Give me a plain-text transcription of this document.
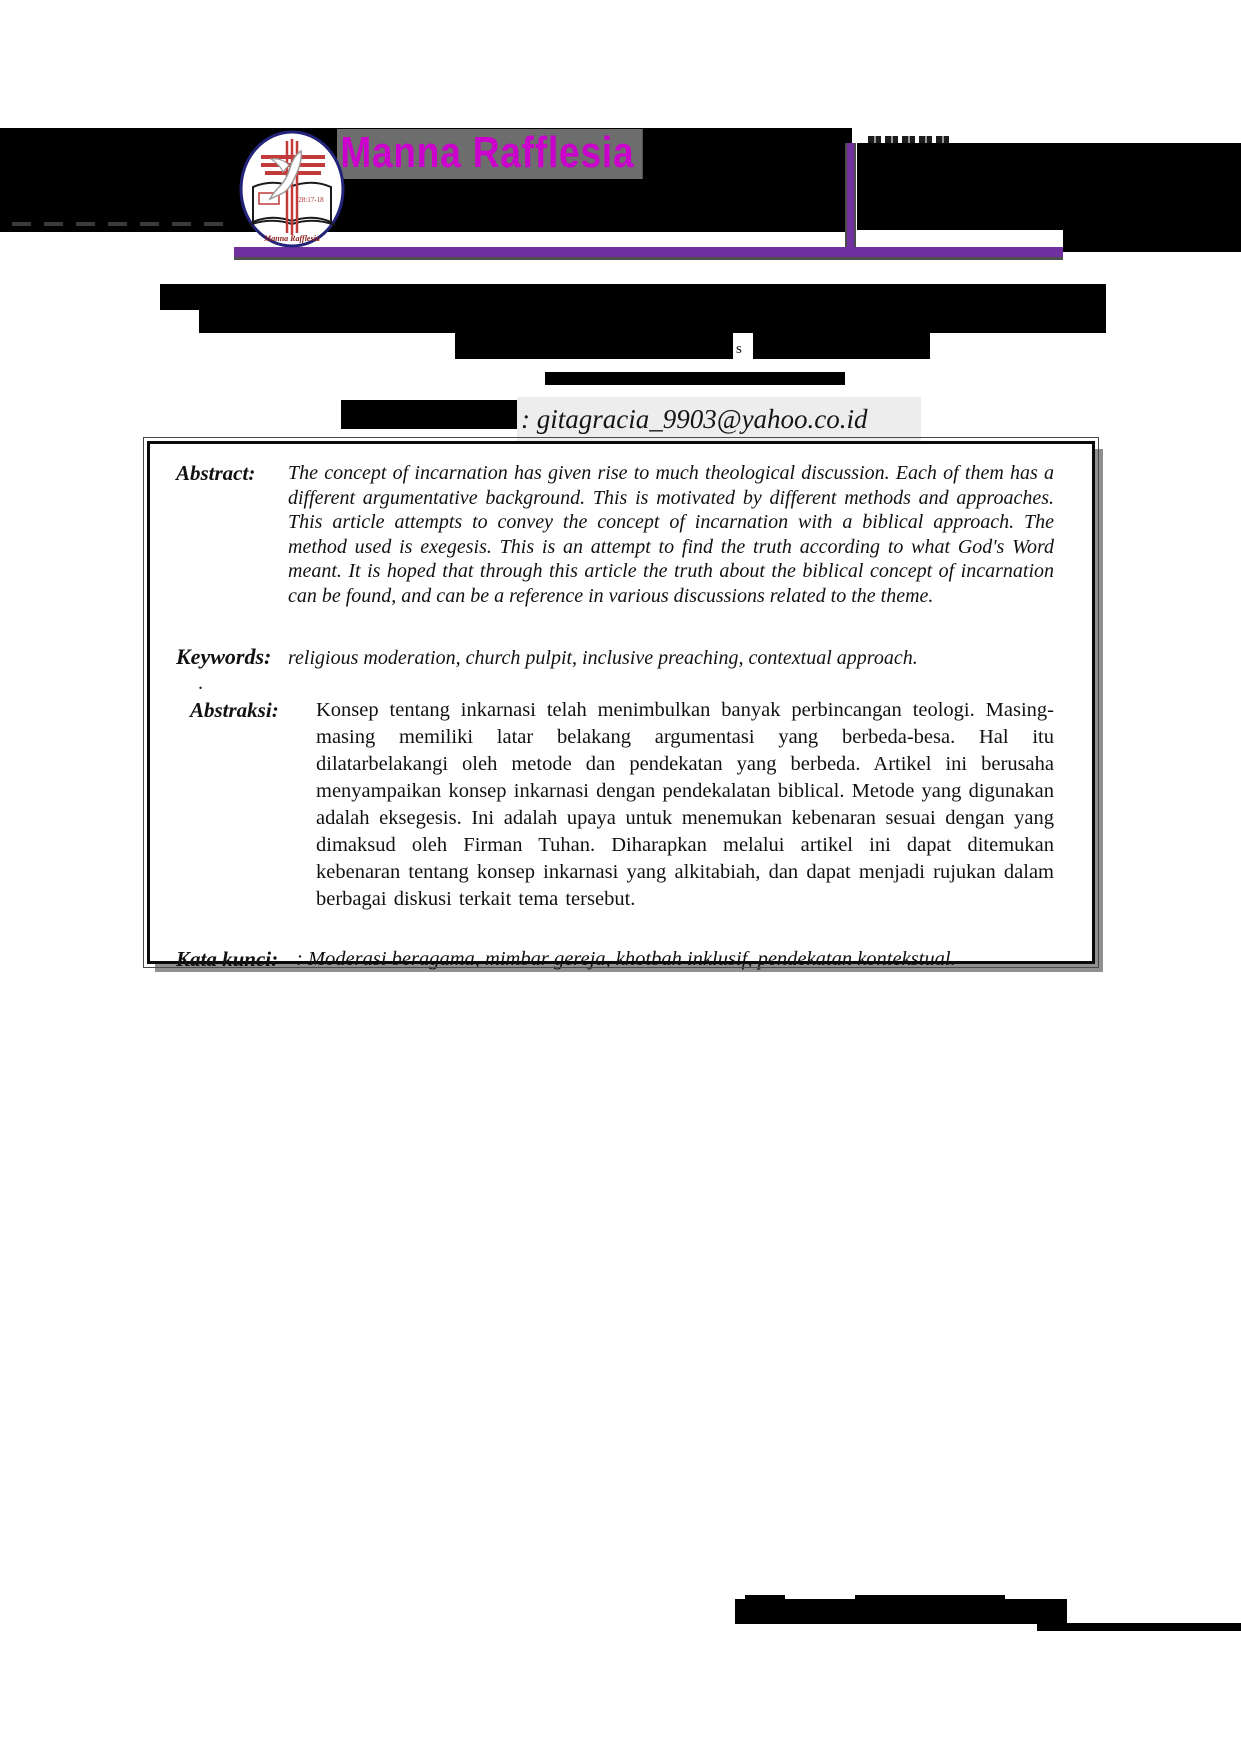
28:17-18
Manna Rafflesia
Manna Rafflesia
s
: gitagracia_9903@yahoo.co.id
Abstract:	The concept of incarnation has given rise to much theological discussion. Each of them has a different argumentative background. This is motivated by different methods and approaches. This article attempts to convey the concept of incarnation with a biblical approach. The method used is exegesis. This is an attempt to find the truth according to what God's Word meant. It is hoped that through this article the truth about the biblical concept of incarnation can be found, and can be a reference in various discussions related to the theme.
Keywords: religious moderation, church pulpit, inclusive preaching, contextual approach.
.
Abstraksi:	Konsep tentang inkarnasi telah menimbulkan banyak perbincangan teologi. Masing-masing memiliki latar belakang argumentasi yang berbeda-besa. Hal itu dilatarbelakangi oleh metode dan pendekatan yang berbeda. Artikel ini berusaha menyampaikan konsep inkarnasi dengan pendekalatan biblical. Metode yang digunakan adalah eksegesis. Ini adalah upaya untuk menemukan kebenaran sesuai dengan yang dimaksud oleh Firman Tuhan. Diharapkan melalui artikel ini dapat ditemukan kebenaran tentang konsep inkarnasi yang alkitabiah, dan dapat menjadi rujukan dalam berbagai diskusi terkait tema tersebut.
Kata kunci: : Moderasi beragama, mimbar gereja, khotbah inklusif, pendekatan kontekstual.
